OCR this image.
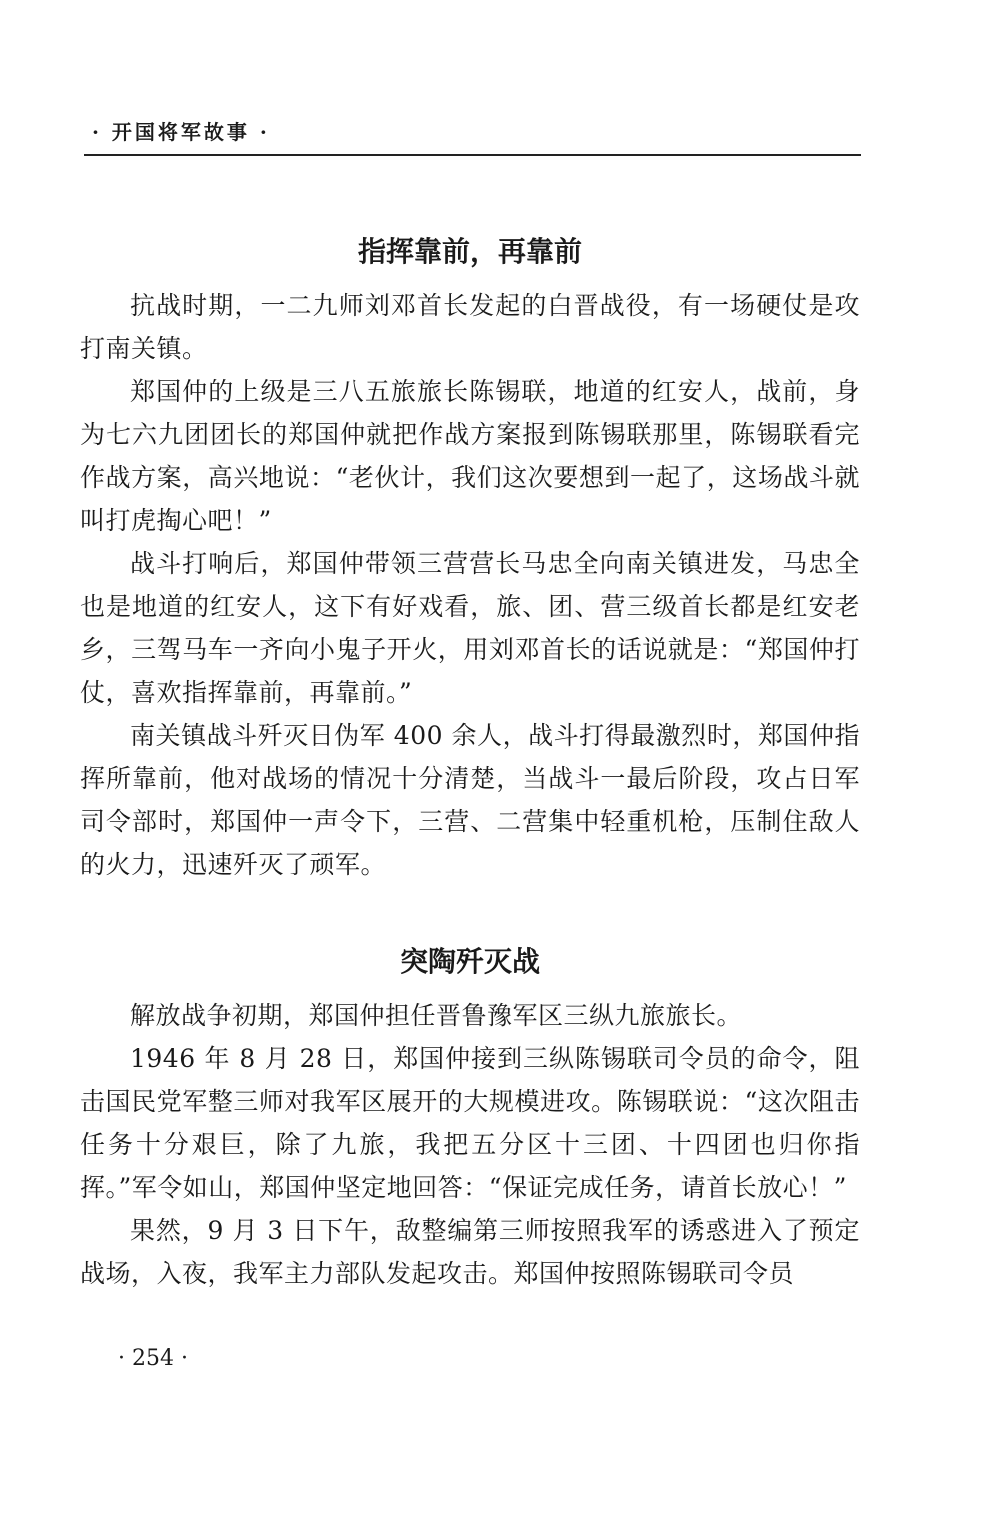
· 开国将军故事 ·
指挥靠前，再靠前

抗战时期，一二九师刘邓首长发起的白晋战役，有一场硬仗是攻打南关镇。

郑国仲的上级是三八五旅旅长陈锡联，地道的红安人，战前，身为七六九团团长的郑国仲就把作战方案报到陈锡联那里，陈锡联看完作战方案，高兴地说：“老伙计，我们这次要想到一起了，这场战斗就叫打虎掏心吧！”

战斗打响后，郑国仲带领三营营长马忠全向南关镇进发，马忠全也是地道的红安人，这下有好戏看，旅、团、营三级首长都是红安老乡，三驾马车一齐向小鬼子开火，用刘邓首长的话说就是：“郑国仲打仗，喜欢指挥靠前，再靠前。”

南关镇战斗歼灭日伪军 400 余人，战斗打得最激烈时，郑国仲指挥所靠前，他对战场的情况十分清楚，当战斗一最后阶段，攻占日军司令部时，郑国仲一声令下，三营、二营集中轻重机枪，压制住敌人的火力，迅速歼灭了顽军。

突陶歼灭战

解放战争初期，郑国仲担任晋鲁豫军区三纵九旅旅长。

1946 年 8 月 28 日，郑国仲接到三纵陈锡联司令员的命令，阻击国民党军整三师对我军区展开的大规模进攻。陈锡联说：“这次阻击任务十分艰巨，除了九旅，我把五分区十三团、十四团也归你指挥。”军令如山，郑国仲坚定地回答：“保证完成任务，请首长放心！”

果然，9 月 3 日下午，敌整编第三师按照我军的诱惑进入了预定战场，入夜，我军主力部队发起攻击。郑国仲按照陈锡联司令员

· 254 ·
